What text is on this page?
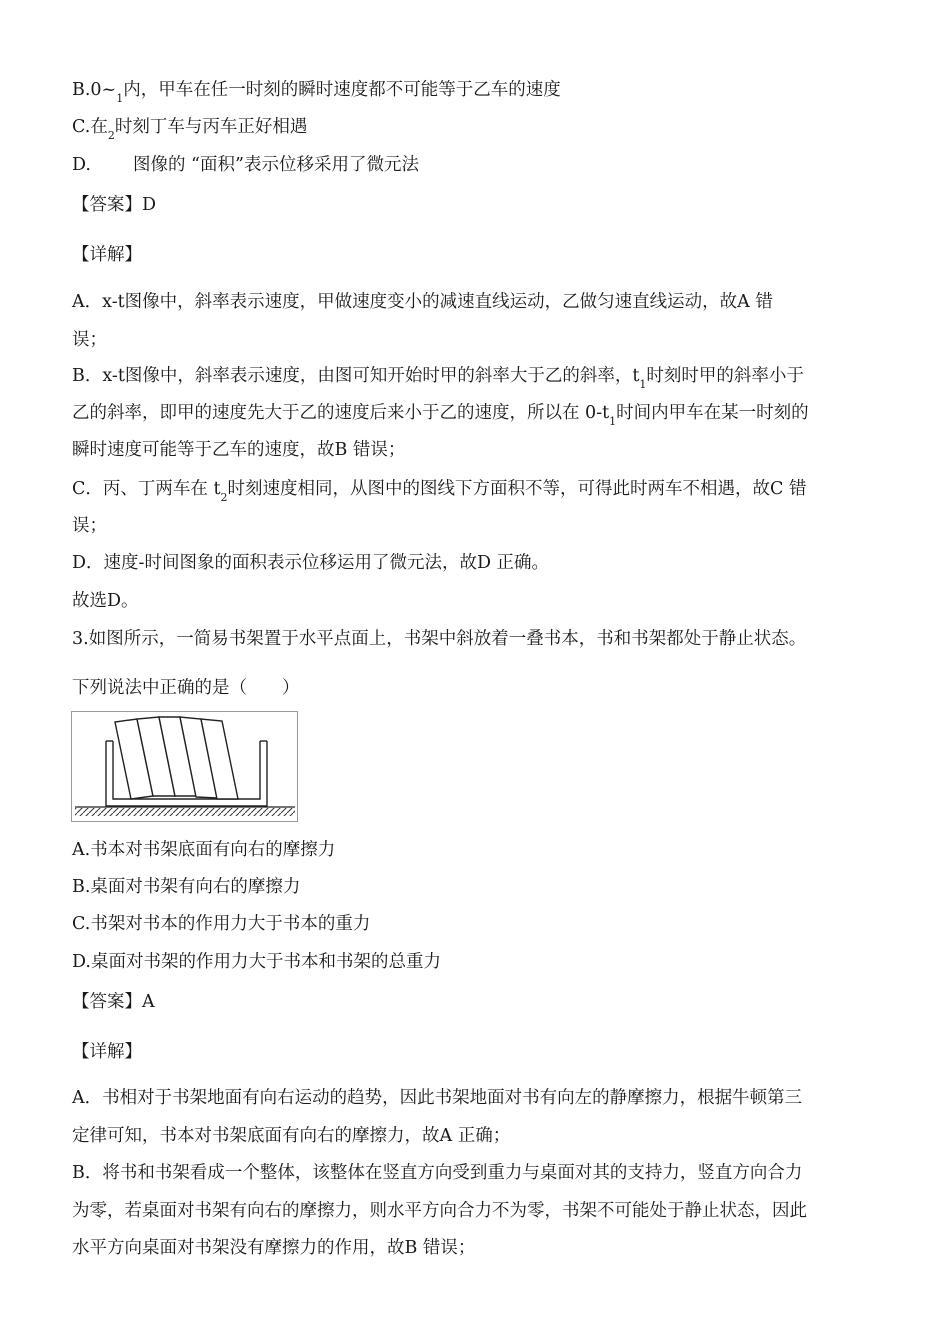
$B.0\sim_1$内，甲车在任一时刻的瞬时速度都不可能等于乙车的速度
C.在$_2$时刻丁车与丙车正好相遇
D. 图像的 “面积”表示位移采用了微元法
【答案】D
【详解】
A．x-t图像中，斜率表示速度，甲做速度变小的减速直线运动，乙做匀速直线运动，故A 错
误；
B．x-t图像中，斜率表示速度，由图可知开始时甲的斜率大于乙的斜率，$t_1$时刻时甲的斜率小于
乙的斜率，即甲的速度先大于乙的速度后来小于乙的速度，所以在 $0-t_1$时间内甲车在某一时刻的
瞬时速度可能等于乙车的速度，故B 错误；
C．丙、丁两车在 $t_2$时刻速度相同，从图中的图线下方面积不等，可得此时两车不相遇，故C 错
误；
D．速度-时间图象的面积表示位移运用了微元法，故D 正确。
故选D。
3.如图所示，一简易书架置于水平点面上，书架中斜放着一叠书本，书和书架都处于静止状态。
下列说法中正确的是（　　）
A.书本对书架底面有向右的摩擦力
B.桌面对书架有向右的摩擦力
C.书架对书本的作用力大于书本的重力
D.桌面对书架的作用力大于书本和书架的总重力
【答案】A
【详解】
A．书相对于书架地面有向右运动的趋势，因此书架地面对书有向左的静摩擦力，根据牛顿第三
定律可知，书本对书架底面有向右的摩擦力，故A 正确；
B．将书和书架看成一个整体，该整体在竖直方向受到重力与桌面对其的支持力，竖直方向合力
为零，若桌面对书架有向右的摩擦力，则水平方向合力不为零，书架不可能处于静止状态，因此
水平方向桌面对书架没有摩擦力的作用，故B 错误；
